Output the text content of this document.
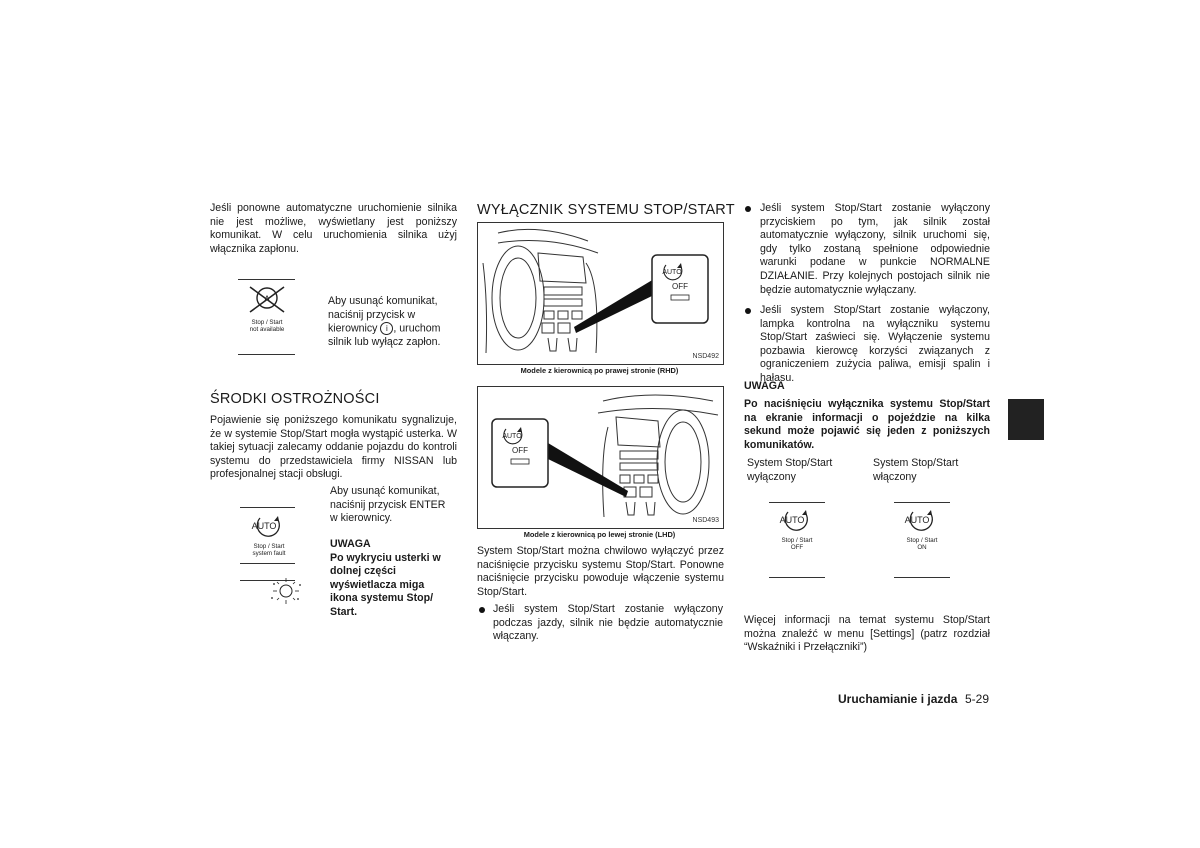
Jeśli ponowne automatyczne uruchomienie silnika nie jest możliwe, wyświetlany jest poniższy komunikat. W celu uruchomienia silnika użyj włącznika zapłonu.

Stop / Start
not available
Aby usunąć komunikat,
naciśnij przycisk w
kierownicy i , uruchom
silnik lub wyłącz zapłon.
ŚRODKI OSTROŻNOŚCI

Pojawienie się poniższego komunikatu sygnalizuje, że w systemie Stop/Start mogła wystąpić usterka. W takiej sytuacji zalecamy oddanie pojazdu do kontroli systemu do przedstawiciela firmy NISSAN lub profesjonalnej stacji obsługi.

Aby usunąć komunikat,
naciśnij przycisk ENTER
w kierownicy.
AUTO
Stop / Start
system fault
UWAGA
Po wykryciu usterki w
dolnej części
wyświetlacza miga
ikona systemu Stop/
Start.
WYŁĄCZNIK SYSTEMU STOP/START
AUTO
OFF
NSD492
Modele z kierownicą po prawej stronie (RHD)
AUTO
OFF
NSD493
Modele z kierownicą po lewej stronie (LHD)

System Stop/Start można chwilowo wyłączyć przez naciśnięcie przycisku systemu Stop/Start. Ponowne naciśnięcie przycisku powoduje włączenie systemu Stop/Start.

Jeśli system Stop/Start zostanie wyłączony podczas jazdy, silnik nie będzie automatycznie włączany.

Jeśli system Stop/Start zostanie wyłączony przyciskiem po tym, jak silnik został automatycznie wyłączony, silnik uruchomi się, gdy tylko zostaną spełnione odpowiednie warunki podane w punkcie NORMALNE DZIAŁANIE. Przy kolejnych postojach silnik nie będzie automatycznie wyłączany.

Jeśli system Stop/Start zostanie wyłączony, lampka kontrolna na wyłączniku systemu Stop/Start zaświeci się. Wyłączenie systemu pozbawia kierowcę korzyści związanych z ograniczeniem zużycia paliwa, emisji spalin i hałasu.

UWAGA

Po naciśnięciu wyłącznika systemu Stop/Start na ekranie informacji o pojeździe na kilka sekund może pojawić się jeden z poniższych komunikatów.

System Stop/Start
wyłączony
System Stop/Start
włączony
AUTO
Stop / Start
OFF
AUTO
Stop / Start
ON

Więcej informacji na temat systemu Stop/Start można znaleźć w menu [Settings] (patrz rozdział “Wskaźniki i Przełączniki”)

Uruchamianie i jazda 5-29
